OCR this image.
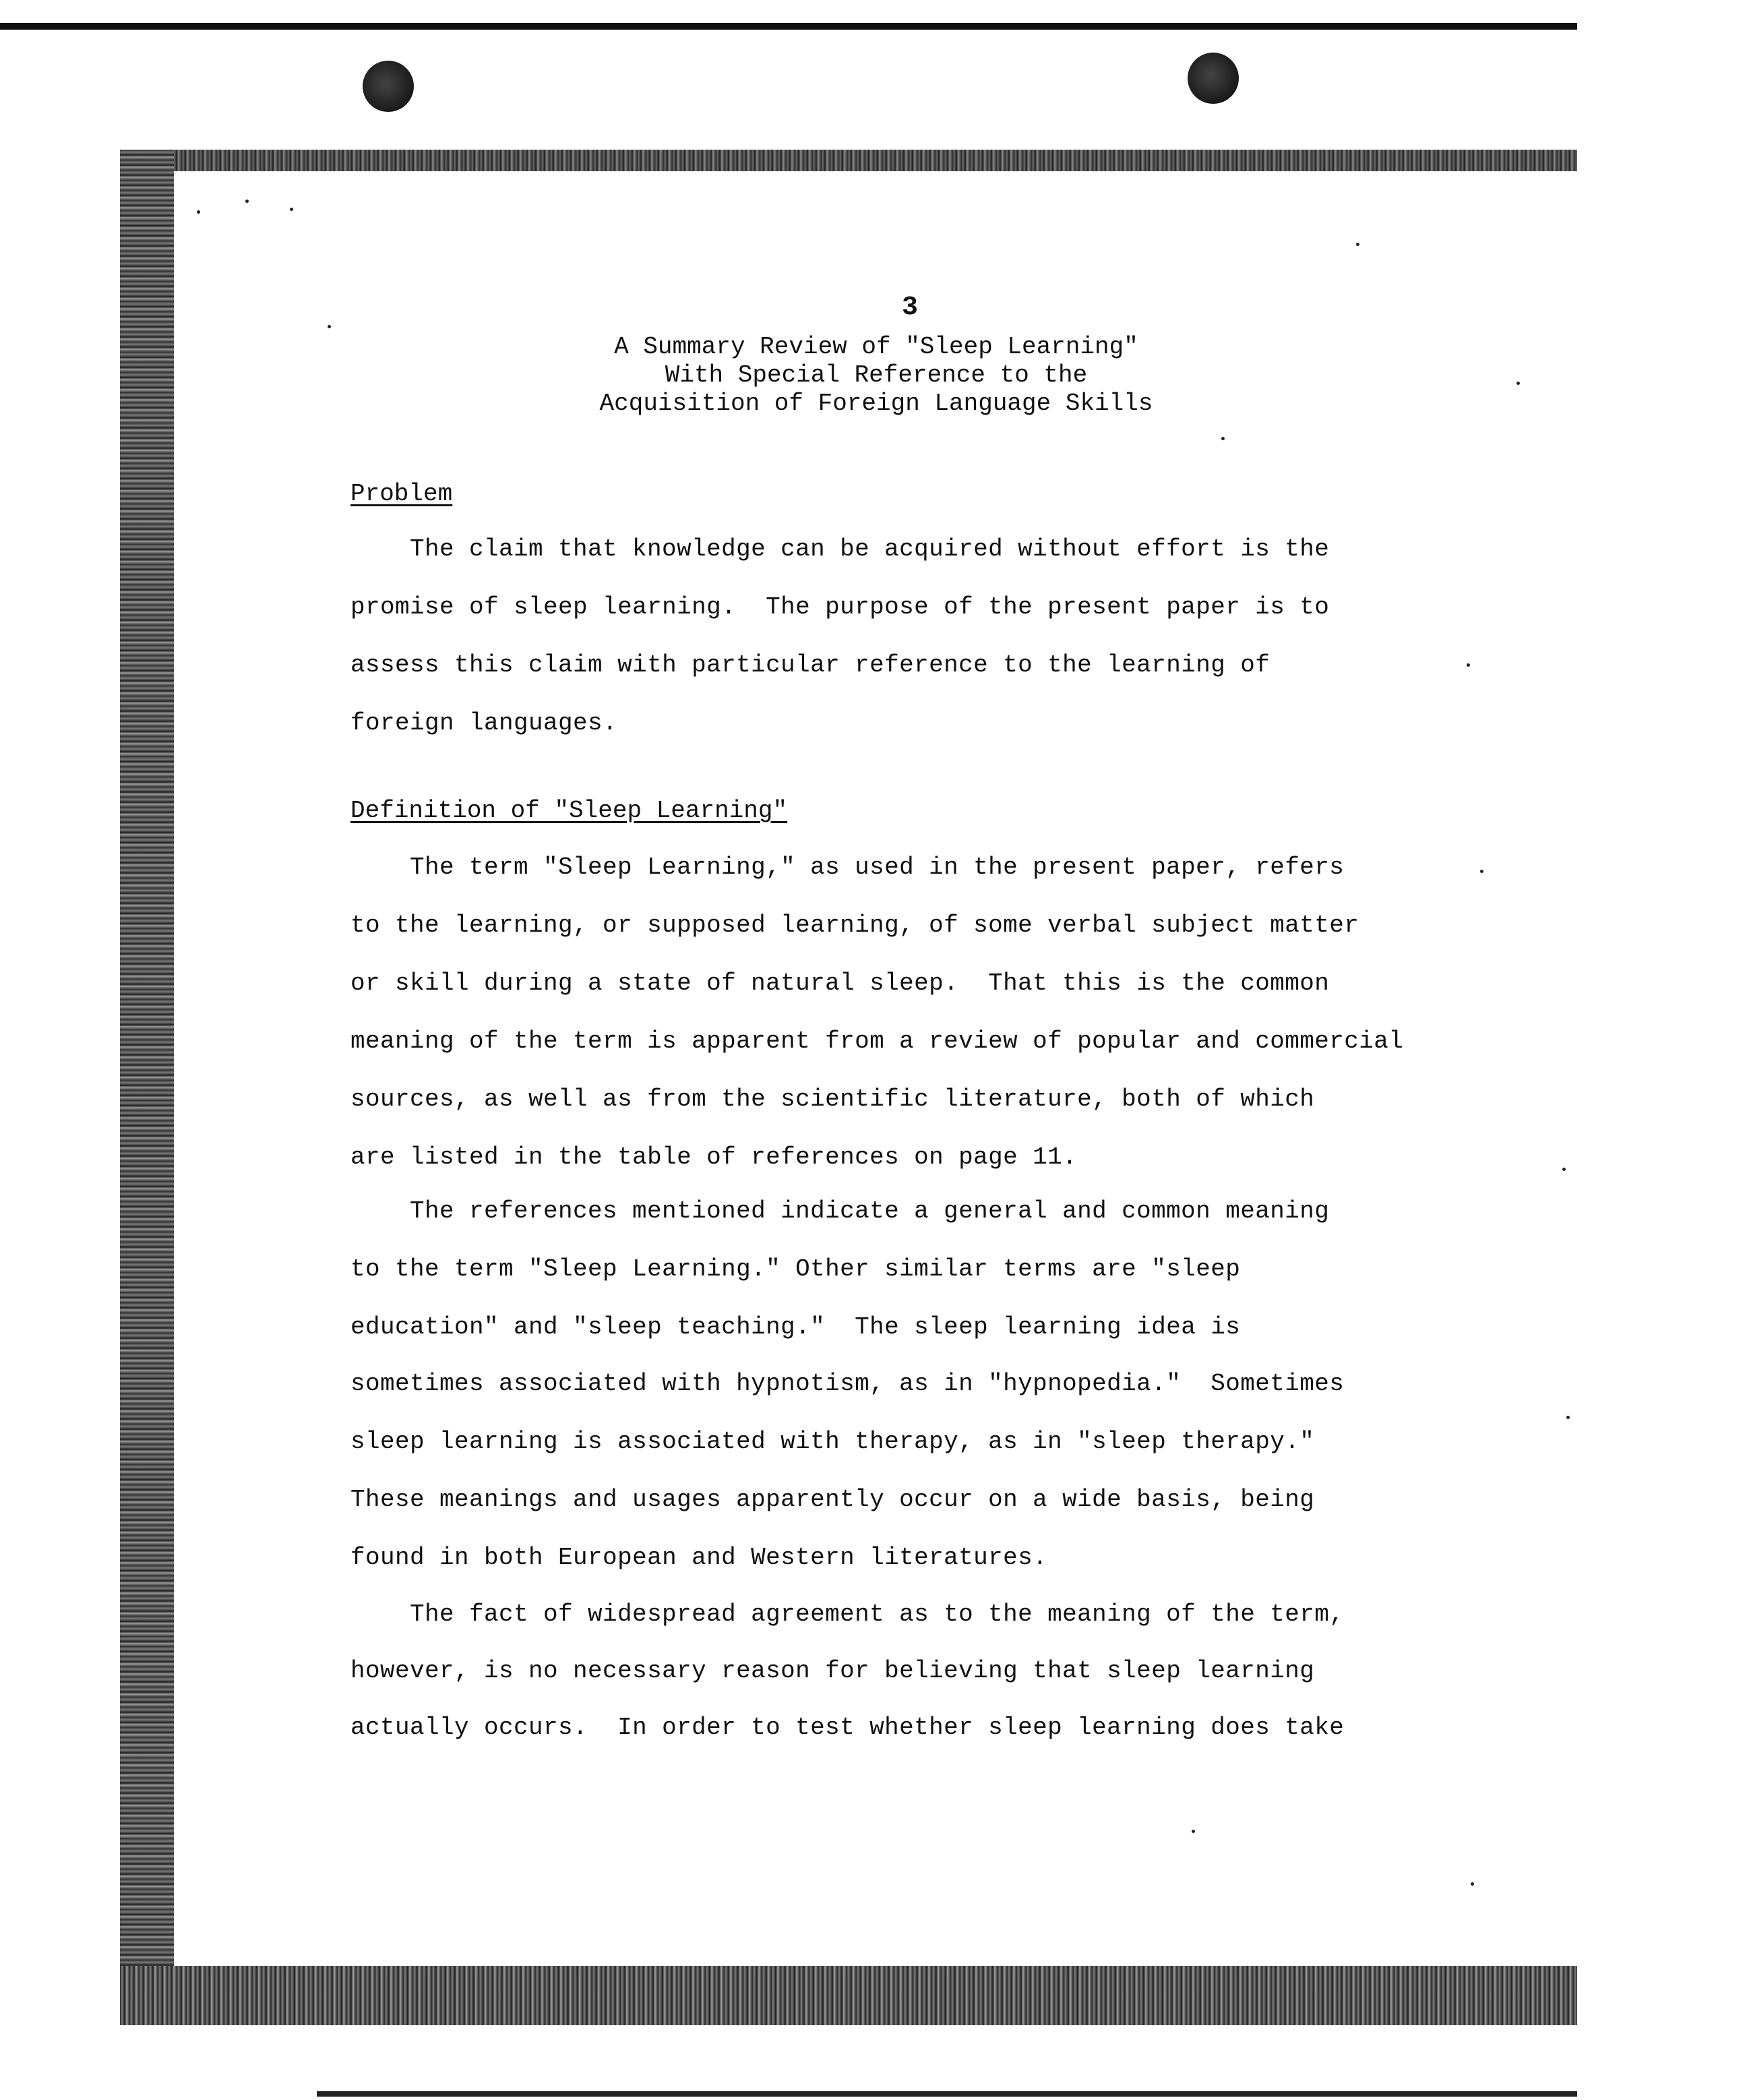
3
A Summary Review of "Sleep Learning"
With Special Reference to the
Acquisition of Foreign Language Skills
Problem
The claim that knowledge can be acquired without effort is the
promise of sleep learning.  The purpose of the present paper is to
assess this claim with particular reference to the learning of
foreign languages.
Definition of "Sleep Learning"
The term "Sleep Learning," as used in the present paper, refers
to the learning, or supposed learning, of some verbal subject matter
or skill during a state of natural sleep.  That this is the common
meaning of the term is apparent from a review of popular and commercial
sources, as well as from the scientific literature, both of which
are listed in the table of references on page 11.
The references mentioned indicate a general and common meaning
to the term "Sleep Learning." Other similar terms are "sleep
education" and "sleep teaching."  The sleep learning idea is
sometimes associated with hypnotism, as in "hypnopedia."  Sometimes
sleep learning is associated with therapy, as in "sleep therapy."
These meanings and usages apparently occur on a wide basis, being
found in both European and Western literatures.
The fact of widespread agreement as to the meaning of the term,
however, is no necessary reason for believing that sleep learning
actually occurs.  In order to test whether sleep learning does take
